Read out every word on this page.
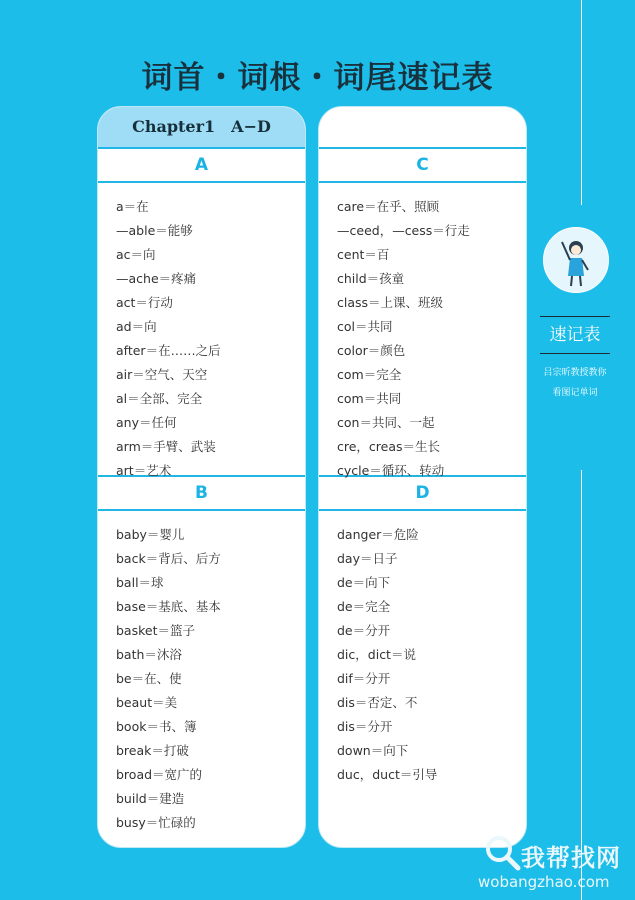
词首・词根・词尾速记表
Chapter1　A−D
A
a＝在
—able＝能够
ac＝向
—ache＝疼痛
act＝行动
ad＝向
after＝在……之后
air＝空气、天空
al＝全部、完全
any＝任何
arm＝手臂、武装
art＝艺术
B
baby＝婴儿
back＝背后、后方
ball＝球
base＝基底、基本
basket＝篮子
bath＝沐浴
be＝在、使
beaut＝美
book＝书、簿
break＝打破
broad＝宽广的
build＝建造
busy＝忙碌的
C
care＝在乎、照顾
—ceed，—cess＝行走
cent＝百
child＝孩童
class＝上课、班级
col＝共同
color＝颜色
com＝完全
com＝共同
con＝共同、一起
cre，creas＝生长
cycle＝循环、转动
D
danger＝危险
day＝日子
de＝向下
de＝完全
de＝分开
dic，dict＝说
dif＝分开
dis＝否定、不
dis＝分开
down＝向下
duc，duct＝引导
速记表
吕宗昕教授教你
看图记单词
我帮找网
wobangzhao.com
